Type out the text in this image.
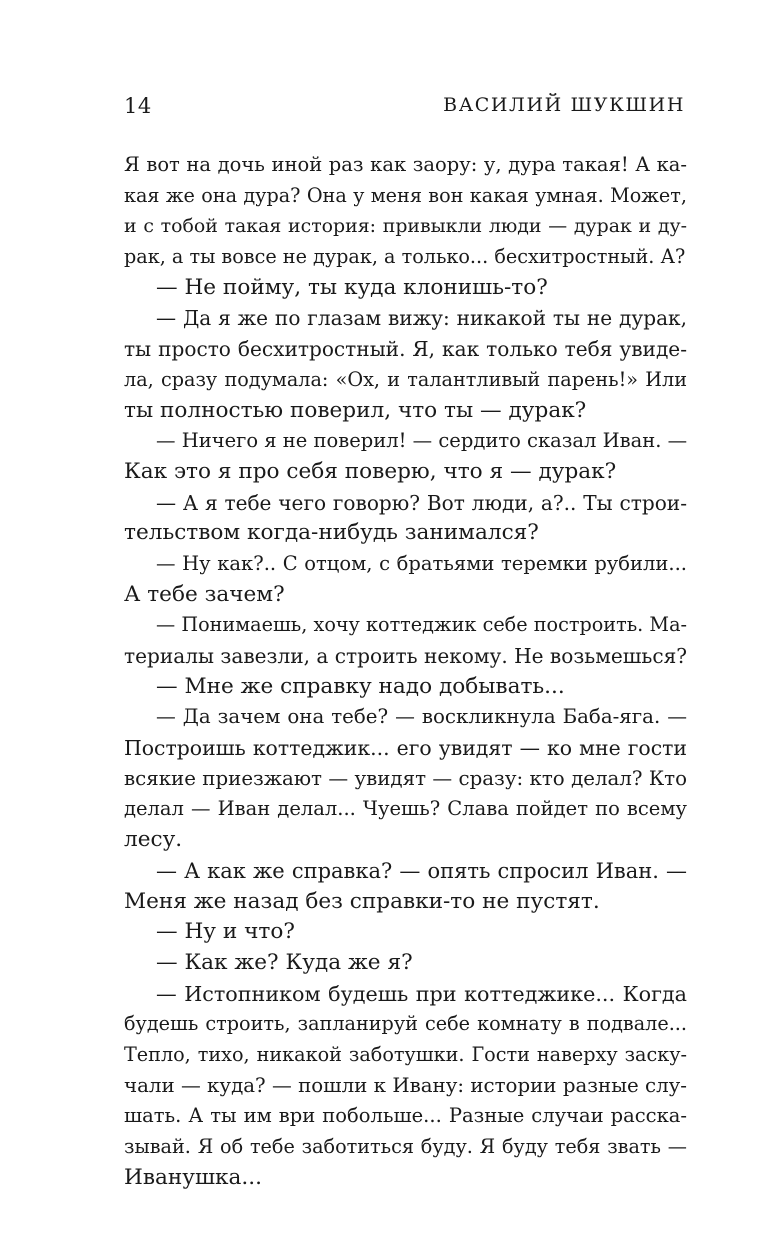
14	ВАСИЛИЙ ШУКШИН
Я вот на дочь иной раз как заору: у, дура такая! А ка-
кая же она дура? Она у меня вон какая умная. Может,
и с тобой такая история: привыкли люди — дурак и ду-
рак, а ты вовсе не дурак, а только... бесхитростный. А?
— Не пойму, ты куда клонишь-то?
— Да я же по глазам вижу: никакой ты не дурак,
ты просто бесхитростный. Я, как только тебя увиде-
ла, сразу подумала: «Ох, и талантливый парень!» Или
ты полностью поверил, что ты — дурак?
— Ничего я не поверил! — сердито сказал Иван. —
Как это я про себя поверю, что я — дурак?
— А я тебе чего говорю? Вот люди, а?.. Ты строи-
тельством когда-нибудь занимался?
— Ну как?.. С отцом, с братьями теремки рубили...
А тебе зачем?
— Понимаешь, хочу коттеджик себе построить. Ма-
териалы завезли, а строить некому. Не возьмешься?
— Мне же справку надо добывать...
— Да зачем она тебе? — воскликнула Баба-яга. —
Построишь коттеджик... его увидят — ко мне гости
всякие приезжают — увидят — сразу: кто делал? Кто
делал — Иван делал... Чуешь? Слава пойдет по всему
лесу.
— А как же справка? — опять спросил Иван. —
Меня же назад без справки-то не пустят.
— Ну и что?
— Как же? Куда же я?
— Истопником будешь при коттеджике... Когда
будешь строить, запланируй себе комнату в подвале...
Тепло, тихо, никакой заботушки. Гости наверху заску-
чали — куда? — пошли к Ивану: истории разные слу-
шать. А ты им ври побольше... Разные случаи расска-
зывай. Я об тебе заботиться буду. Я буду тебя звать —
Иванушка...
